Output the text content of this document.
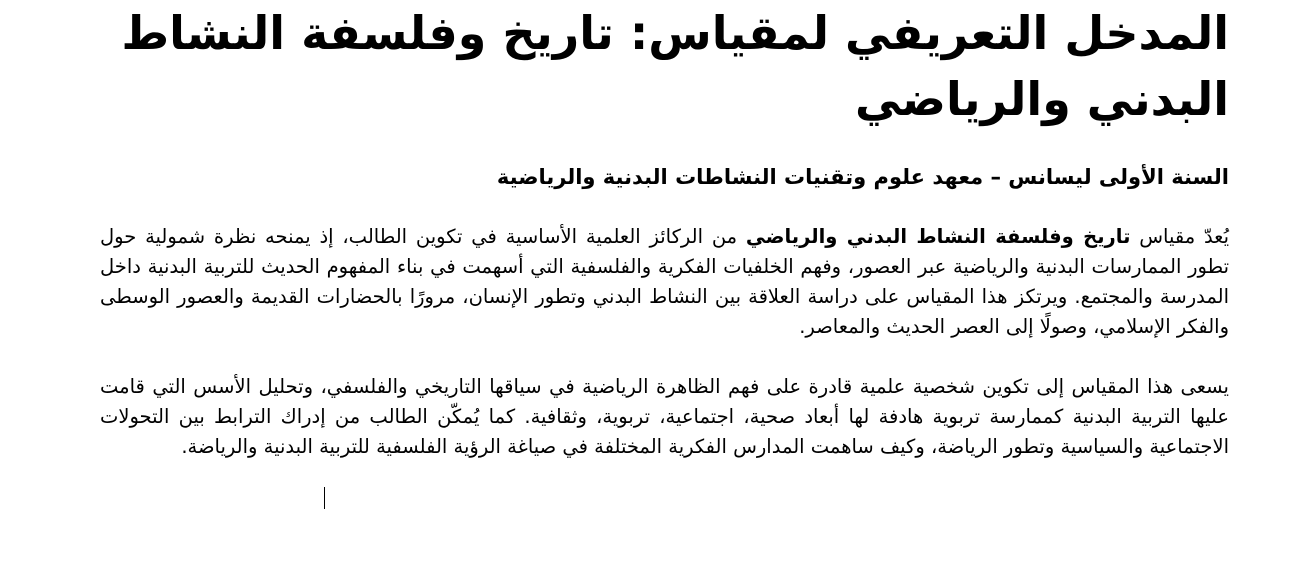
المدخل التعريفي لمقياس: تاريخ وفلسفة النشاط البدني والرياضي
السنة الأولى ليسانس – معهد علوم وتقنيات النشاطات البدنية والرياضية

يُعدّ مقياس تاريخ وفلسفة النشاط البدني والرياضي من الركائز العلمية الأساسية في تكوين الطالب، إذ يمنحه نظرة شمولية حول تطور الممارسات البدنية والرياضية عبر العصور، وفهم الخلفيات الفكرية والفلسفية التي أسهمت في بناء المفهوم الحديث للتربية البدنية داخل المدرسة والمجتمع. ويرتكز هذا المقياس على دراسة العلاقة بين النشاط البدني وتطور الإنسان، مرورًا بالحضارات القديمة والعصور الوسطى والفكر الإسلامي، وصولًا إلى العصر الحديث والمعاصر.

يسعى هذا المقياس إلى تكوين شخصية علمية قادرة على فهم الظاهرة الرياضية في سياقها التاريخي والفلسفي، وتحليل الأسس التي قامت عليها التربية البدنية كممارسة تربوية هادفة لها أبعاد صحية، اجتماعية، تربوية، وثقافية. كما يُمكّن الطالب من إدراك الترابط بين التحولات الاجتماعية والسياسية وتطور الرياضة، وكيف ساهمت المدارس الفكرية المختلفة في صياغة الرؤية الفلسفية للتربية البدنية والرياضة.
